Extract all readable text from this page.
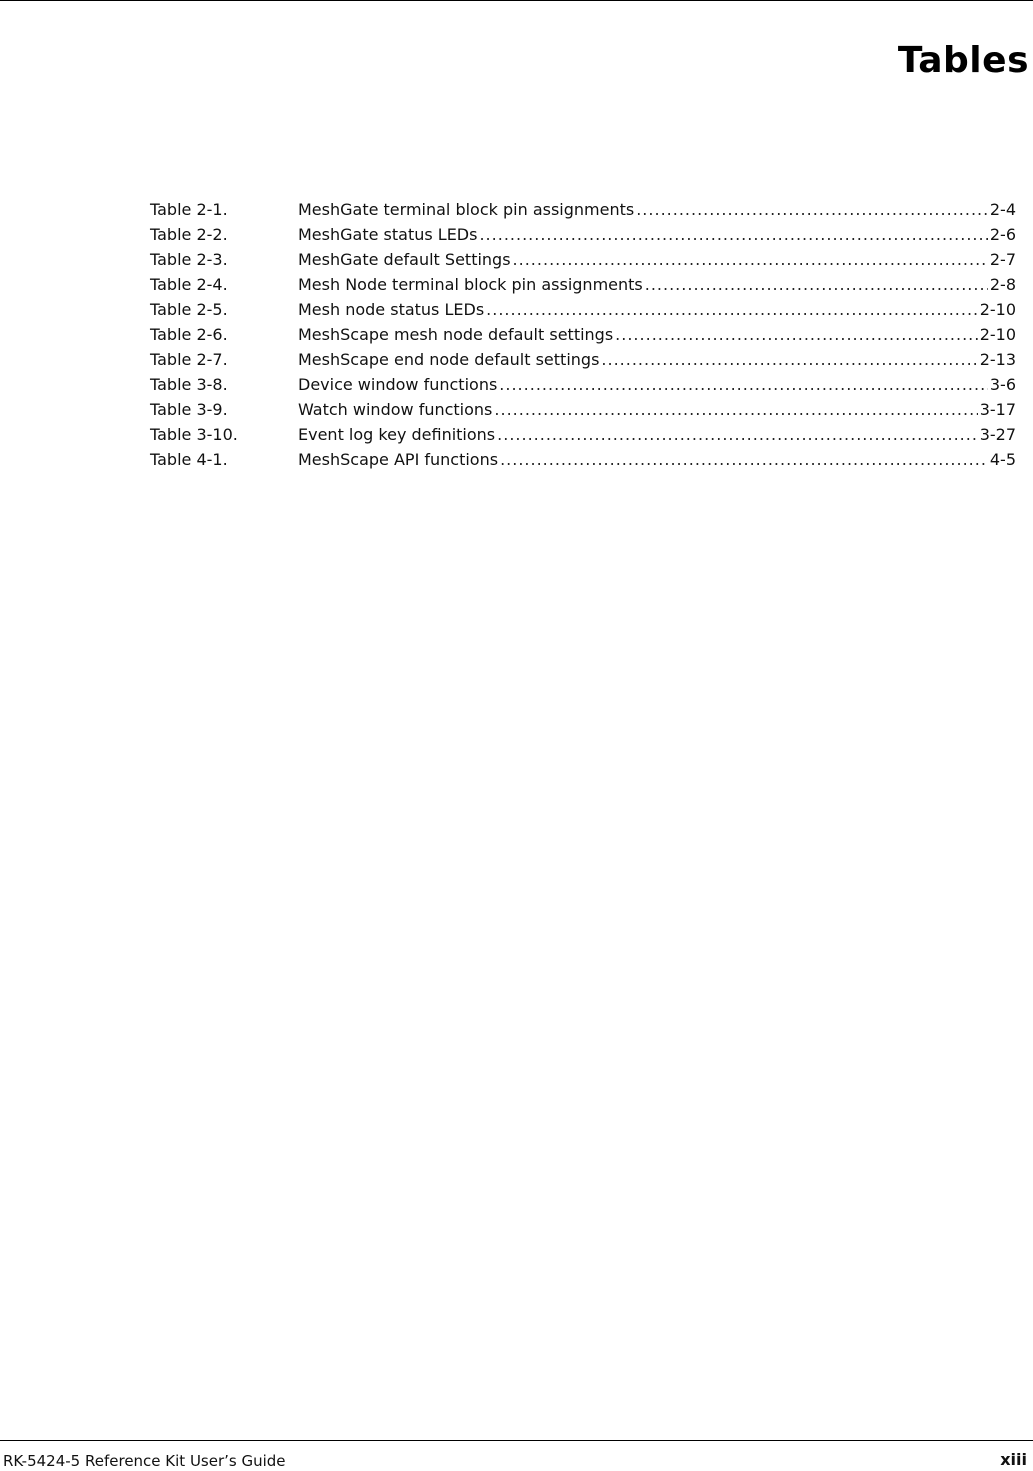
Tables
Table 2-1.	MeshGate terminal block pin assignments .....	2-4
Table 2-2.	MeshGate status LEDs .....	2-6
Table 2-3.	MeshGate default Settings .....	2-7
Table 2-4.	Mesh Node terminal block pin assignments .....	2-8
Table 2-5.	Mesh node status LEDs .....	2-10
Table 2-6.	MeshScape mesh node default settings .....	2-10
Table 2-7.	MeshScape end node default settings .....	2-13
Table 3-8.	Device window functions .....	3-6
Table 3-9.	Watch window functions .....	3-17
Table 3-10.	Event log key definitions .....	3-27
Table 4-1.	MeshScape API functions .....	4-5
RK-5424-5 Reference Kit User’s Guide	xiii
